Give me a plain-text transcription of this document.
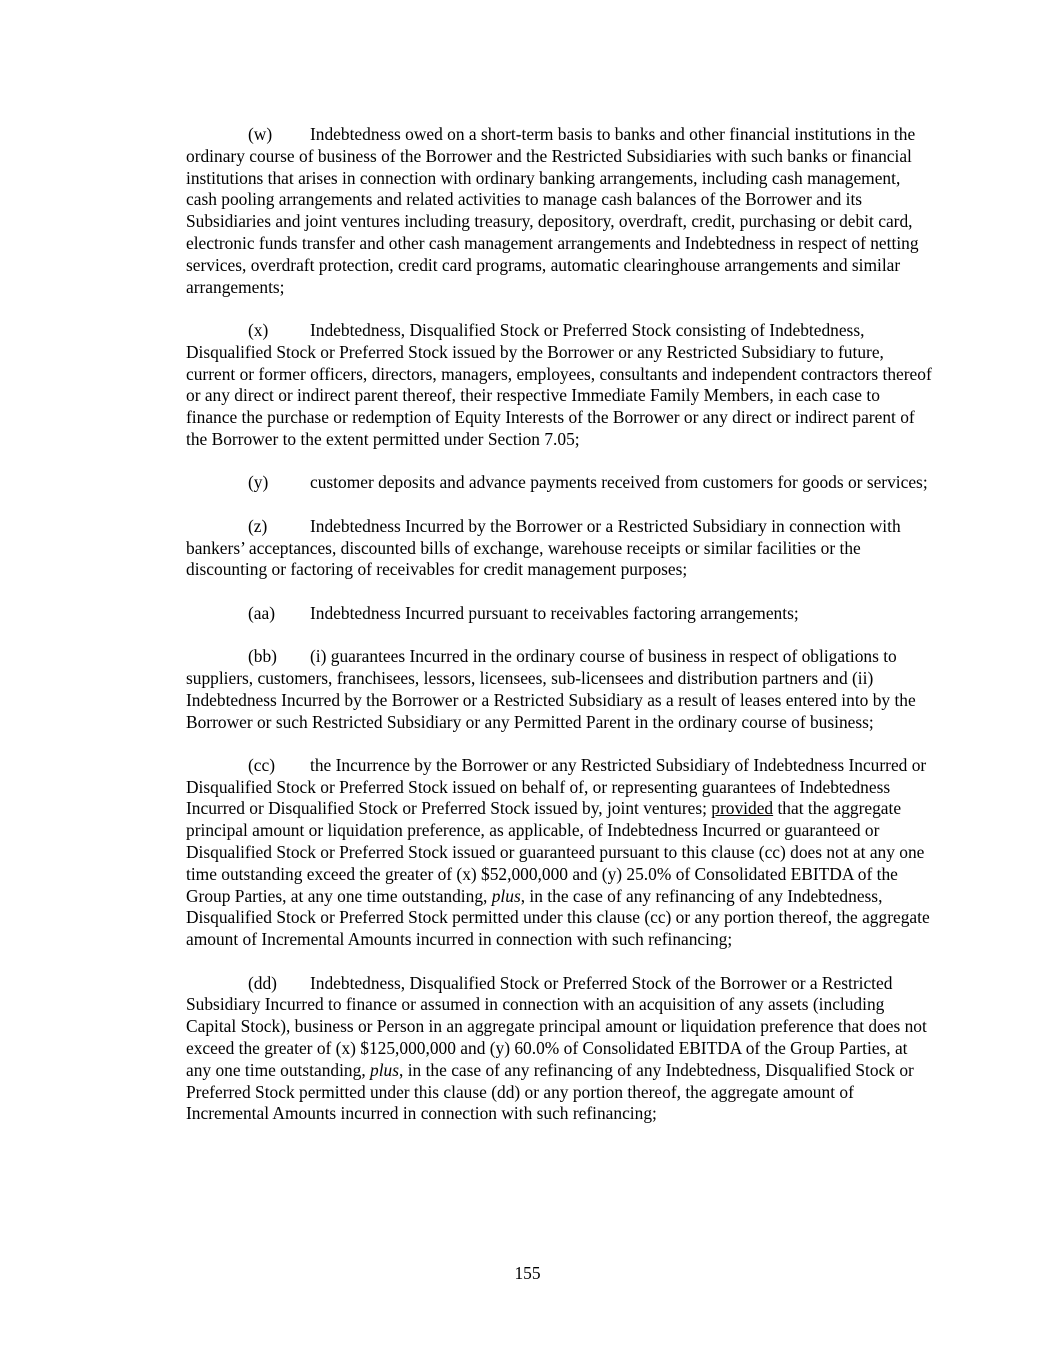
(w) Indebtedness owed on a short-term basis to banks and other financial institutions in the ordinary course of business of the Borrower and the Restricted Subsidiaries with such banks or financial institutions that arises in connection with ordinary banking arrangements, including cash management, cash pooling arrangements and related activities to manage cash balances of the Borrower and its Subsidiaries and joint ventures including treasury, depository, overdraft, credit, purchasing or debit card, electronic funds transfer and other cash management arrangements and Indebtedness in respect of netting services, overdraft protection, credit card programs, automatic clearinghouse arrangements and similar arrangements;

(x) Indebtedness, Disqualified Stock or Preferred Stock consisting of Indebtedness, Disqualified Stock or Preferred Stock issued by the Borrower or any Restricted Subsidiary to future, current or former officers, directors, managers, employees, consultants and independent contractors thereof or any direct or indirect parent thereof, their respective Immediate Family Members, in each case to finance the purchase or redemption of Equity Interests of the Borrower or any direct or indirect parent of the Borrower to the extent permitted under Section 7.05;

(y) customer deposits and advance payments received from customers for goods or services;

(z) Indebtedness Incurred by the Borrower or a Restricted Subsidiary in connection with bankers’ acceptances, discounted bills of exchange, warehouse receipts or similar facilities or the discounting or factoring of receivables for credit management purposes;

(aa) Indebtedness Incurred pursuant to receivables factoring arrangements;

(bb) (i) guarantees Incurred in the ordinary course of business in respect of obligations to suppliers, customers, franchisees, lessors, licensees, sub-licensees and distribution partners and (ii) Indebtedness Incurred by the Borrower or a Restricted Subsidiary as a result of leases entered into by the Borrower or such Restricted Subsidiary or any Permitted Parent in the ordinary course of business;

(cc) the Incurrence by the Borrower or any Restricted Subsidiary of Indebtedness Incurred or Disqualified Stock or Preferred Stock issued on behalf of, or representing guarantees of Indebtedness Incurred or Disqualified Stock or Preferred Stock issued by, joint ventures; provided that the aggregate principal amount or liquidation preference, as applicable, of Indebtedness Incurred or guaranteed or Disqualified Stock or Preferred Stock issued or guaranteed pursuant to this clause (cc) does not at any one time outstanding exceed the greater of (x) $52,000,000 and (y) 25.0% of Consolidated EBITDA of the Group Parties, at any one time outstanding, plus, in the case of any refinancing of any Indebtedness, Disqualified Stock or Preferred Stock permitted under this clause (cc) or any portion thereof, the aggregate amount of Incremental Amounts incurred in connection with such refinancing;

(dd) Indebtedness, Disqualified Stock or Preferred Stock of the Borrower or a Restricted Subsidiary Incurred to finance or assumed in connection with an acquisition of any assets (including Capital Stock), business or Person in an aggregate principal amount or liquidation preference that does not exceed the greater of (x) $125,000,000 and (y) 60.0% of Consolidated EBITDA of the Group Parties, at any one time outstanding, plus, in the case of any refinancing of any Indebtedness, Disqualified Stock or Preferred Stock permitted under this clause (dd) or any portion thereof, the aggregate amount of Incremental Amounts incurred in connection with such refinancing;

155
